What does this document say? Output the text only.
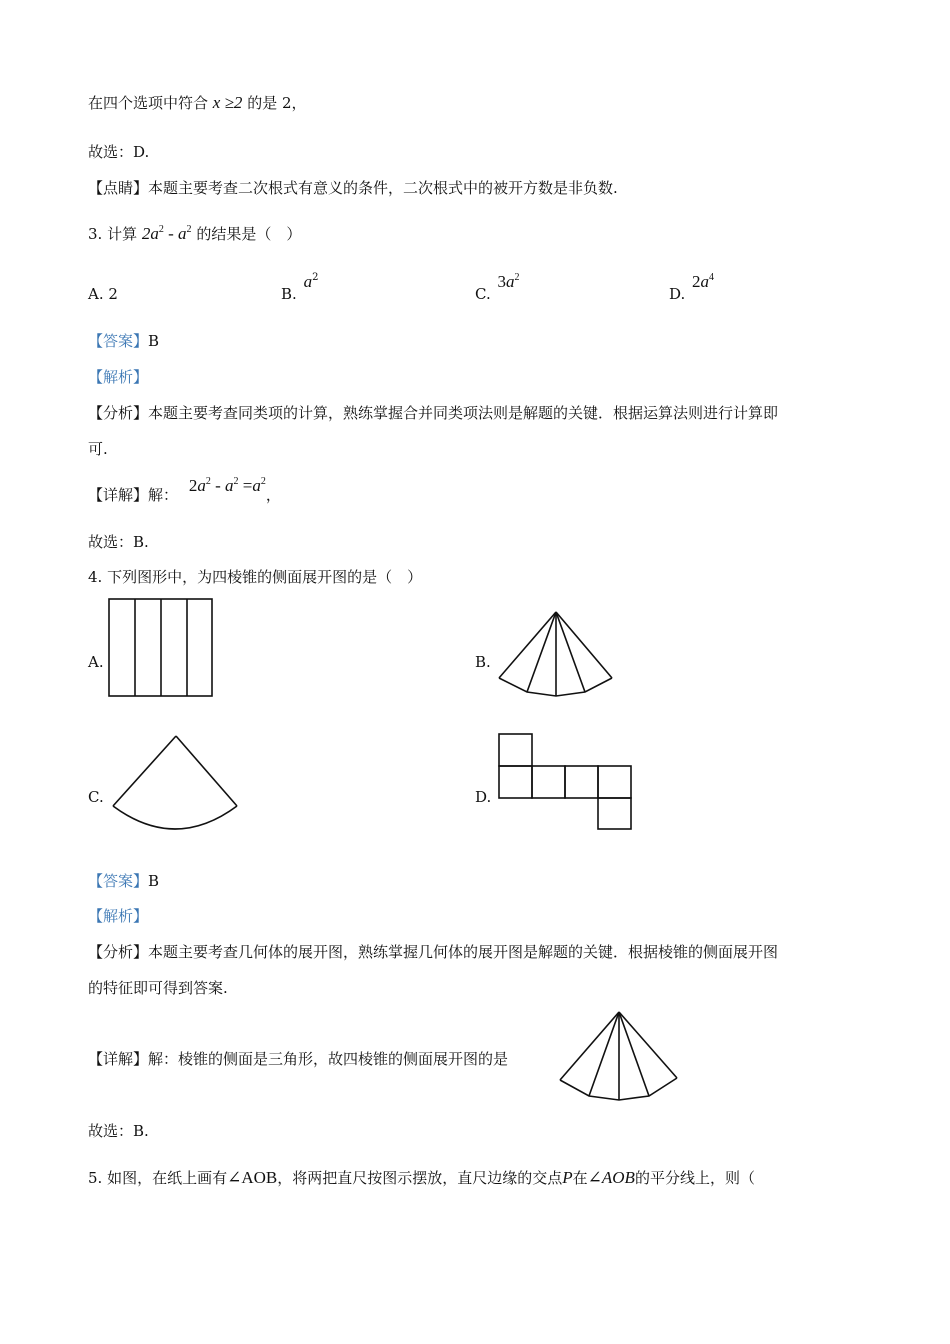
在四个选项中符合 x ≥2 的是 2，
故选：D.
【点睛】本题主要考查二次根式有意义的条件，二次根式中的被开方数是非负数.
3. 计算 $2a^2 - a^2$ 的结果是（　）
A. 2	B. $a^2$
C. $3a^2$
D. $2a^4$
【答案】B
【解析】
【分析】本题主要考查同类项的计算，熟练掌握合并同类项法则是解题的关键．根据运算法则进行计算即
可.
【详解】解： $2a^2 - a^2 =a^2$，
故选：B.
4. 下列图形中，为四棱锥的侧面展开图的是（　）
A.	B.
C.	D.
【答案】B
【解析】
【分析】本题主要考查几何体的展开图，熟练掌握几何体的展开图是解题的关键．根据棱锥的侧面展开图
的特征即可得到答案.
【详解】解：棱锥的侧面是三角形，故四棱锥的侧面展开图的是
故选：B.
5. 如图，在纸上画有∠AOB，将两把直尺按图示摆放，直尺边缘的交点P在∠AOB的平分线上，则（
